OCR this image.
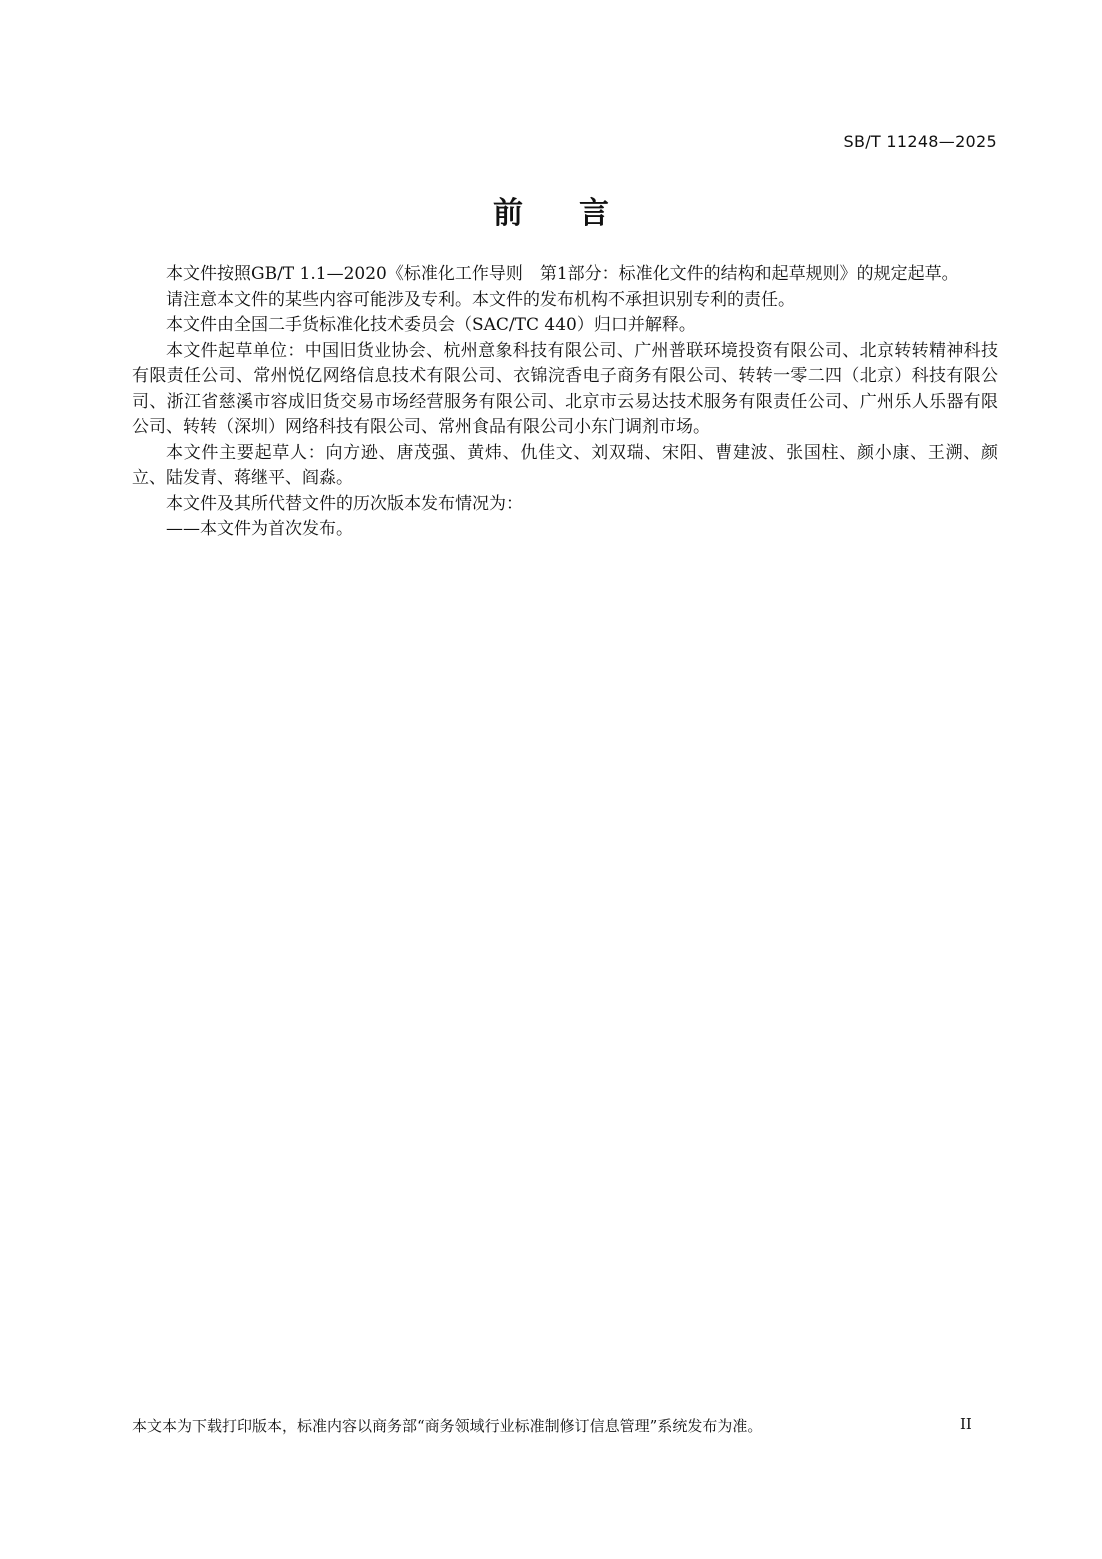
SB/T 11248—2025
前言

本文件按照GB/T 1.1—2020《标准化工作导则　第1部分：标准化文件的结构和起草规则》的规定起草。

请注意本文件的某些内容可能涉及专利。本文件的发布机构不承担识别专利的责任。

本文件由全国二手货标准化技术委员会（SAC/TC 440）归口并解释。

本文件起草单位：中国旧货业协会、杭州意象科技有限公司、广州普联环境投资有限公司、北京转转精神科技有限责任公司、常州悦亿网络信息技术有限公司、衣锦浣香电子商务有限公司、转转一零二四（北京）科技有限公司、浙江省慈溪市容成旧货交易市场经营服务有限公司、北京市云易达技术服务有限责任公司、广州乐人乐器有限公司、转转（深圳）网络科技有限公司、常州食品有限公司小东门调剂市场。

本文件主要起草人：向方逊、唐茂强、黄炜、仇佳文、刘双瑞、宋阳、曹建波、张国柱、颜小康、王溯、颜立、陆发青、蒋继平、阎淼。

本文件及其所代替文件的历次版本发布情况为：

——本文件为首次发布。

本文本为下载打印版本，标准内容以商务部“商务领域行业标准制修订信息管理”系统发布为准。	II
